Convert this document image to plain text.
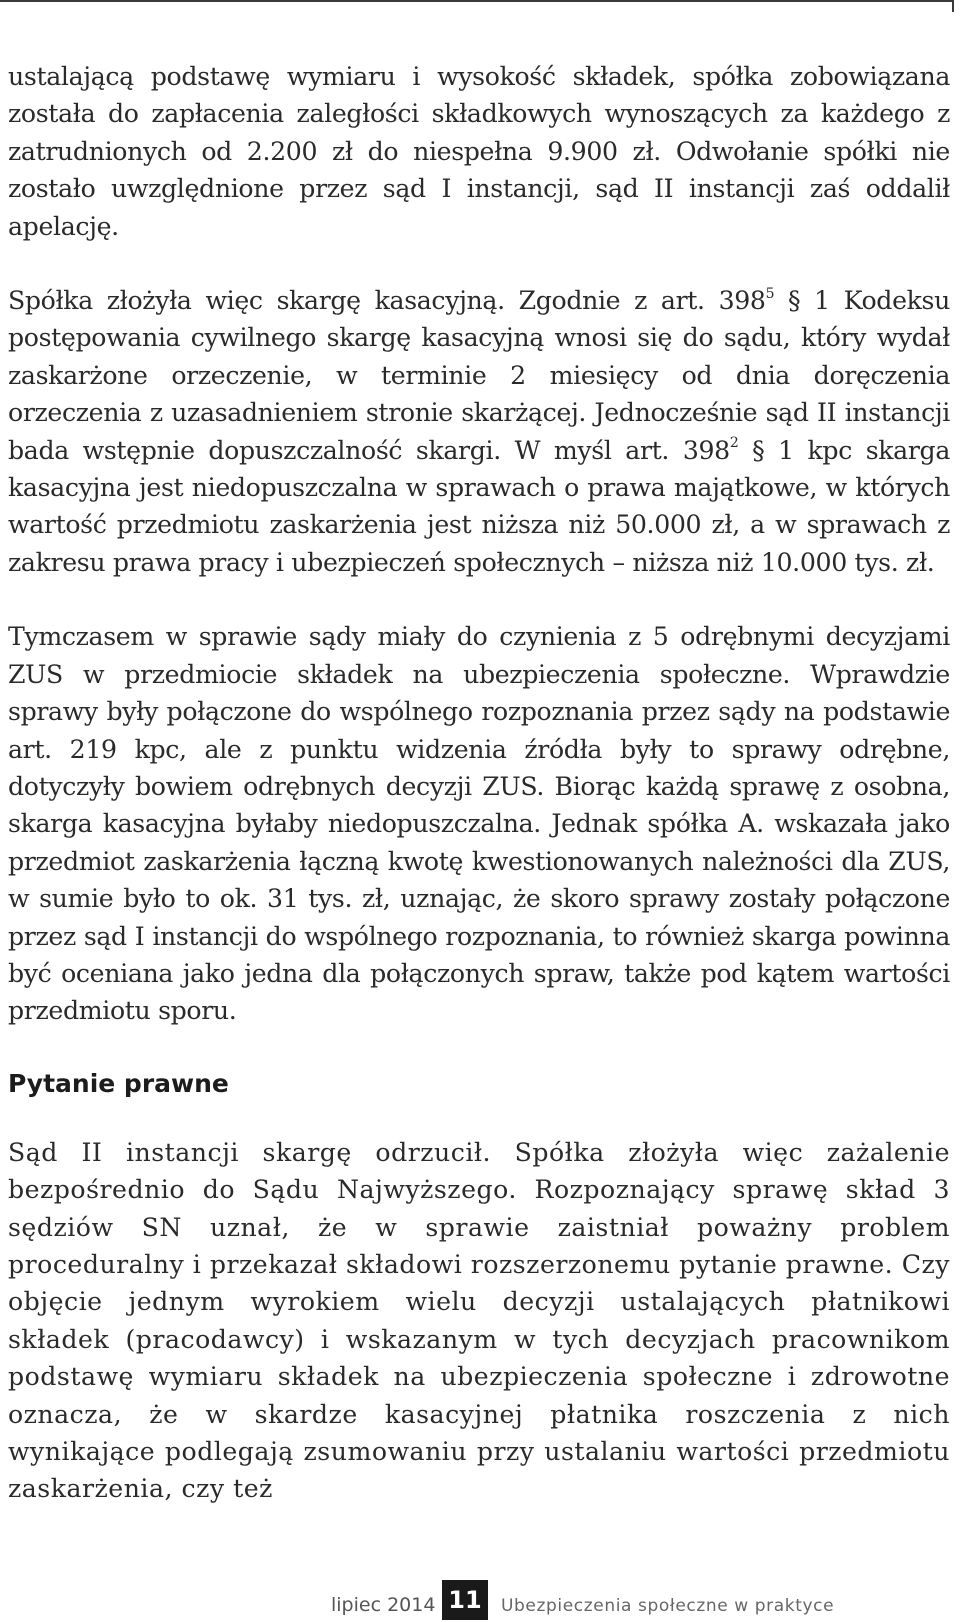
ustalającą podstawę wymiaru i wysokość składek, spółka zobowiązana została do zapłacenia zaległości składkowych wynoszących za każdego z zatrudnionych od 2.200 zł do niespełna 9.900 zł. Odwołanie spółki nie zostało uwzględnione przez sąd I instancji, sąd II instancji zaś oddalił apelację.

Spółka złożyła więc skargę kasacyjną. Zgodnie z art. $398^5$ § 1 Kodeksu postępowania cywilnego skargę kasacyjną wnosi się do sądu, który wydał zaskarżone orzeczenie, w terminie 2 miesięcy od dnia doręczenia orzeczenia z uzasadnieniem stronie skarżącej. Jednocześnie sąd II instancji bada wstępnie dopuszczalność skargi. W myśl art. $398^2$ § 1 kpc skarga kasacyjna jest niedopuszczalna w sprawach o prawa majątkowe, w których wartość przedmiotu zaskarżenia jest niższa niż 50.000 zł, a w sprawach z zakresu prawa pracy i ubezpieczeń społecznych – niższa niż 10.000 tys. zł.

Tymczasem w sprawie sądy miały do czynienia z 5 odrębnymi decyzjami ZUS w przedmiocie składek na ubezpieczenia społeczne. Wprawdzie sprawy były połączone do wspólnego rozpoznania przez sądy na podstawie art. 219 kpc, ale z punktu widzenia źródła były to sprawy odrębne, dotyczyły bowiem odrębnych decyzji ZUS. Biorąc każdą sprawę z osobna, skarga kasacyjna byłaby niedopuszczalna. Jednak spółka A. wskazała jako przedmiot zaskarżenia łączną kwotę kwestionowanych należności dla ZUS, w sumie było to ok. 31 tys. zł, uznając, że skoro sprawy zostały połączone przez sąd I instancji do wspólnego rozpoznania, to również skarga powinna być oceniana jako jedna dla połączonych spraw, także pod kątem wartości przedmiotu sporu.

Pytanie prawne

Sąd II instancji skargę odrzucił. Spółka złożyła więc zażalenie bezpośrednio do Sądu Najwyższego. Rozpoznający sprawę skład 3 sędziów SN uznał, że w sprawie zaistniał poważny problem proceduralny i przekazał składowi rozszerzonemu pytanie prawne. Czy objęcie jednym wyrokiem wielu decyzji ustalających płatnikowi składek (pracodawcy) i wskazanym w tych decyzjach pracownikom podstawę wymiaru składek na ubezpieczenia społeczne i zdrowotne oznacza, że w skardze kasacyjnej płatnika roszczenia z nich wynikające podlegają zsumowaniu przy ustalaniu wartości przedmiotu zaskarżenia, czy też

lipiec 2014 11 Ubezpieczenia społeczne w praktyce
